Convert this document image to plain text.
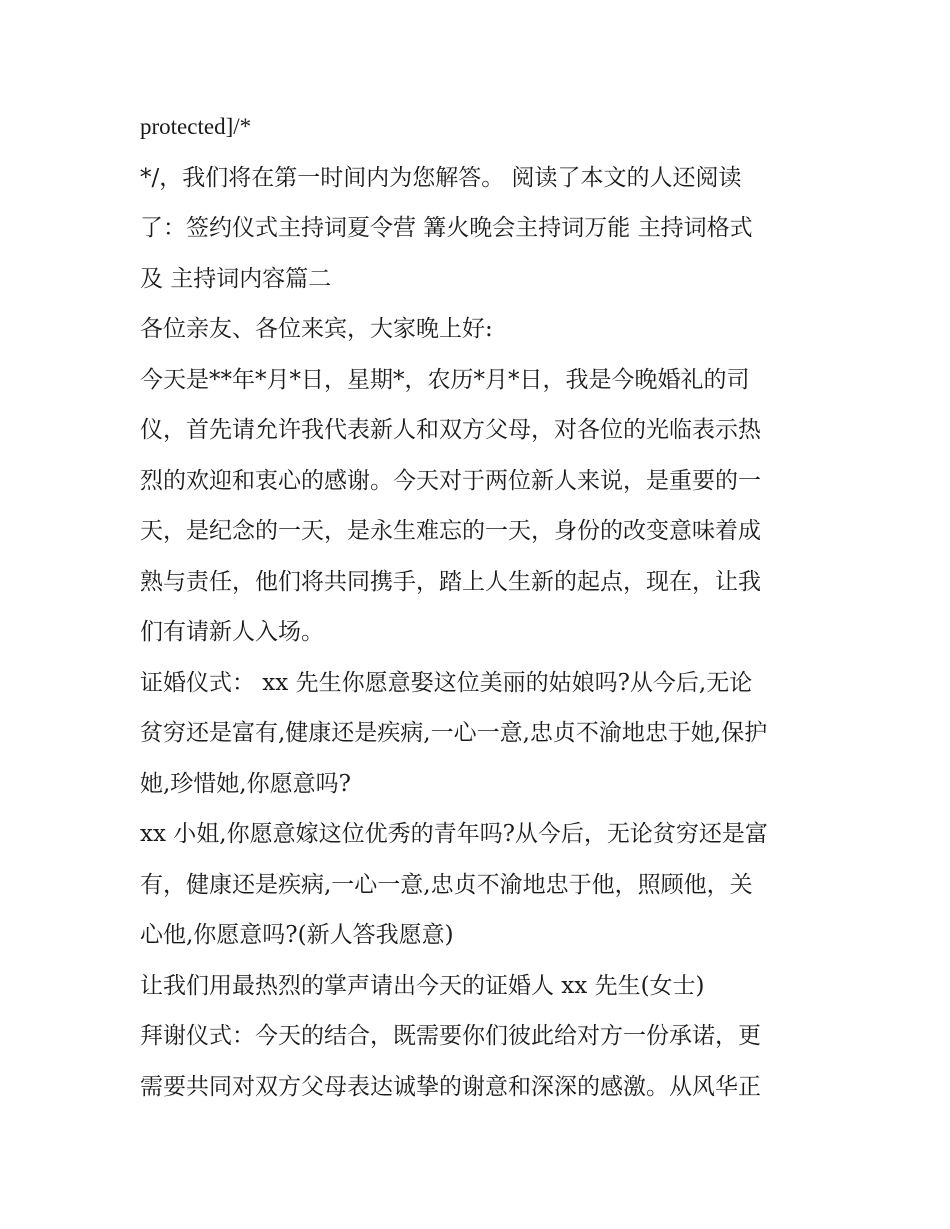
protected]/*
*/，我们将在第一时间内为您解答。 阅读了本文的人还阅读
了：签约仪式主持词夏令营 篝火晚会主持词万能 主持词格式
及 主持词内容篇二
各位亲友、各位来宾，大家晚上好:
今天是**年*月*日，星期*，农历*月*日，我是今晚婚礼的司
仪，首先请允许我代表新人和双方父母，对各位的光临表示热
烈的欢迎和衷心的感谢。今天对于两位新人来说，是重要的一
天，是纪念的一天，是永生难忘的一天，身份的改变意味着成
熟与责任，他们将共同携手，踏上人生新的起点，现在，让我
们有请新人入场。
证婚仪式： xx 先生你愿意娶这位美丽的姑娘吗?从今后,无论
贫穷还是富有,健康还是疾病,一心一意,忠贞不渝地忠于她,保护
她,珍惜她,你愿意吗?
xx 小姐,你愿意嫁这位优秀的青年吗?从今后，无论贫穷还是富
有，健康还是疾病,一心一意,忠贞不渝地忠于他，照顾他，关
心他,你愿意吗?(新人答我愿意)
让我们用最热烈的掌声请出今天的证婚人 xx 先生(女士)
拜谢仪式：今天的结合，既需要你们彼此给对方一份承诺，更
需要共同对双方父母表达诚挚的谢意和深深的感激。从风华正
